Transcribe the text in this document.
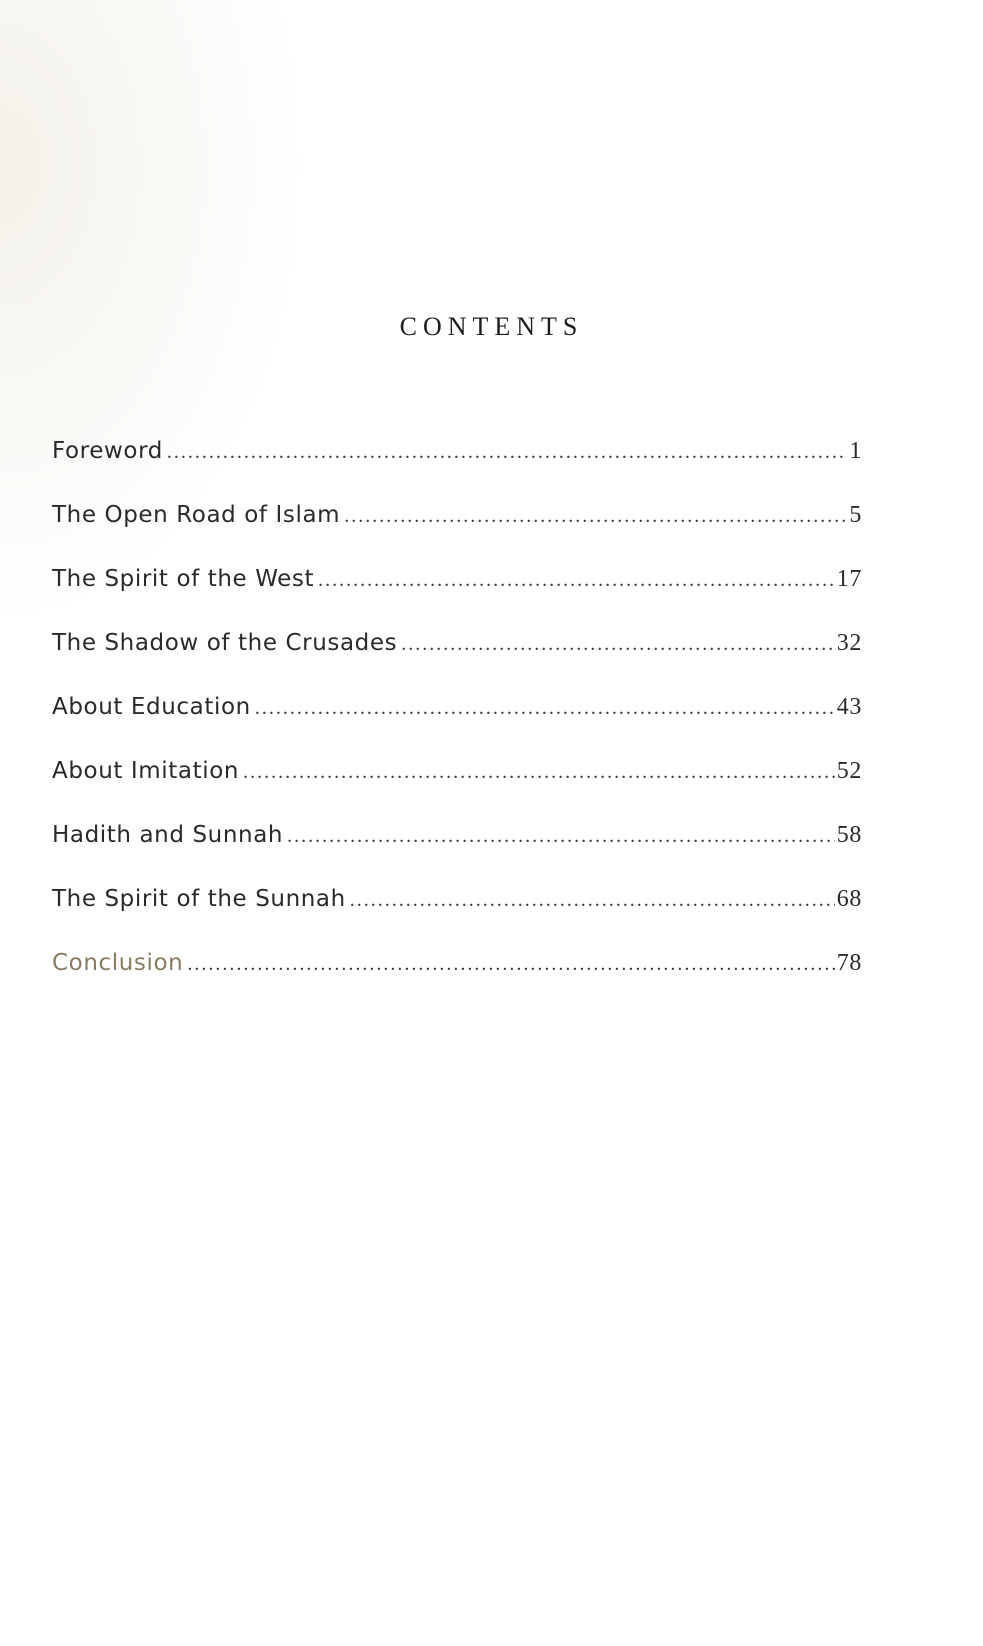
CONTENTS
Foreword .....	1
The Open Road of Islam .....	5
The Spirit of the West .....	17
The Shadow of the Crusades .....	32
About Education .....	43
About Imitation .....	52
Hadith and Sunnah .....	58
The Spirit of the Sunnah .....	68
Conclusion .....	78
